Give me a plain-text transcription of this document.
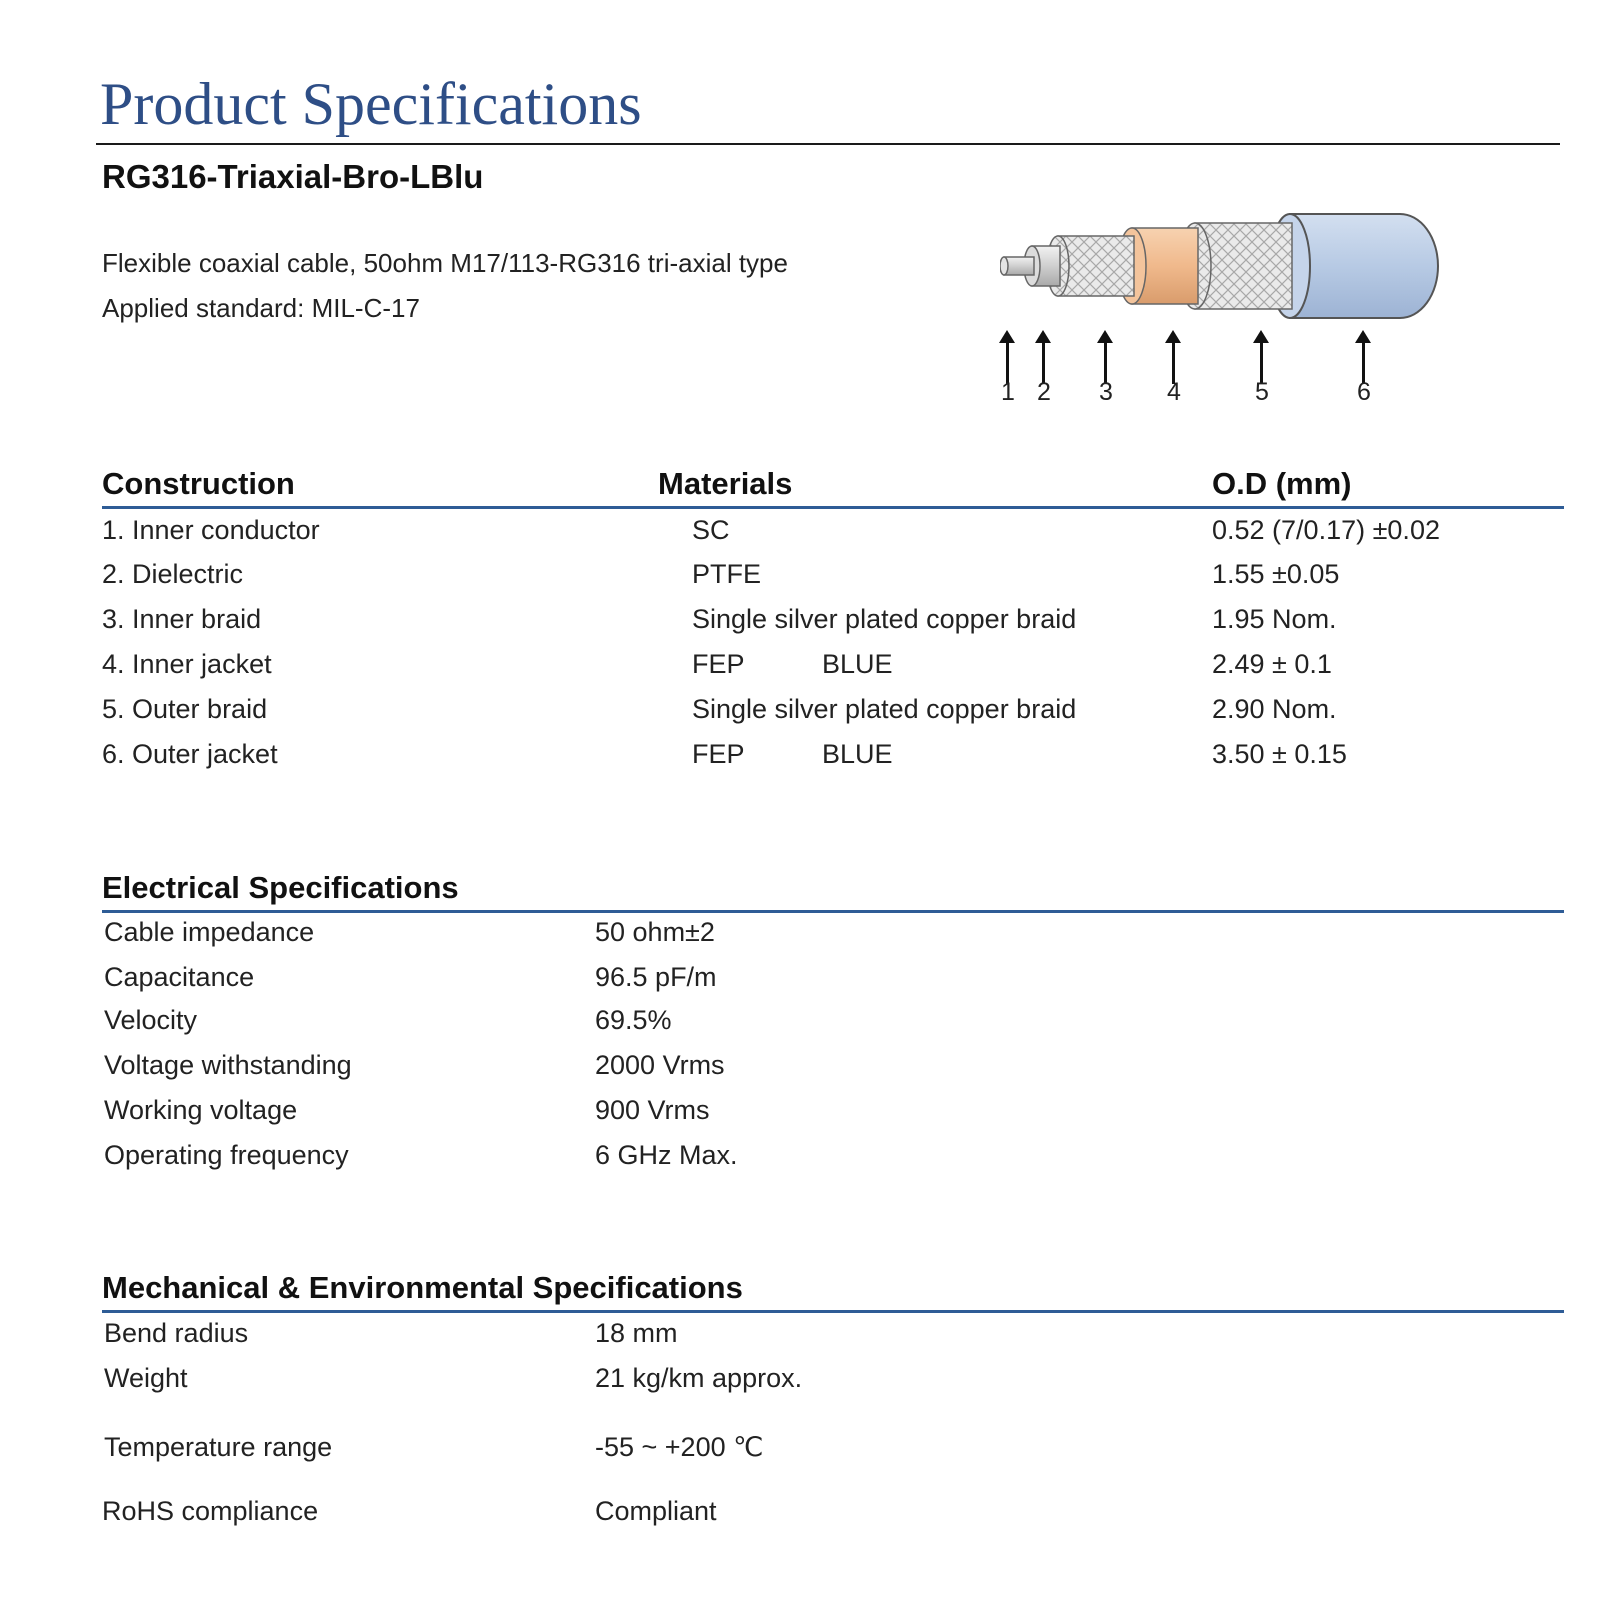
Product Specifications
RG316-Triaxial-Bro-LBlu
Flexible coaxial cable, 50ohm M17/113-RG316 tri-axial type
Applied standard: MIL-C-17
1 2 3 4	5	6
Construction	Materials	O.D (mm)
1. Inner conductor	SC	0.52 (7/0.17) ±0.02
2. Dielectric	PTFE	1.55 ±0.05
3. Inner braid	Single silver plated copper braid	1.95 Nom.
4. Inner jacket	FEP	BLUE	2.49 ± 0.1
5. Outer braid	Single silver plated copper braid	2.90 Nom.
6. Outer jacket	FEP	BLUE	3.50 ± 0.15
Electrical Specifications
Cable impedance	50 ohm±2
Capacitance	96.5 pF/m
Velocity	69.5%
Voltage withstanding	2000 Vrms
Working voltage	900 Vrms
Operating frequency	6 GHz Max.
Mechanical & Environmental Specifications
Bend radius	18 mm
Weight	21 kg/km approx.
Temperature range	-55 ~ +200 ℃
RoHS compliance	Compliant
